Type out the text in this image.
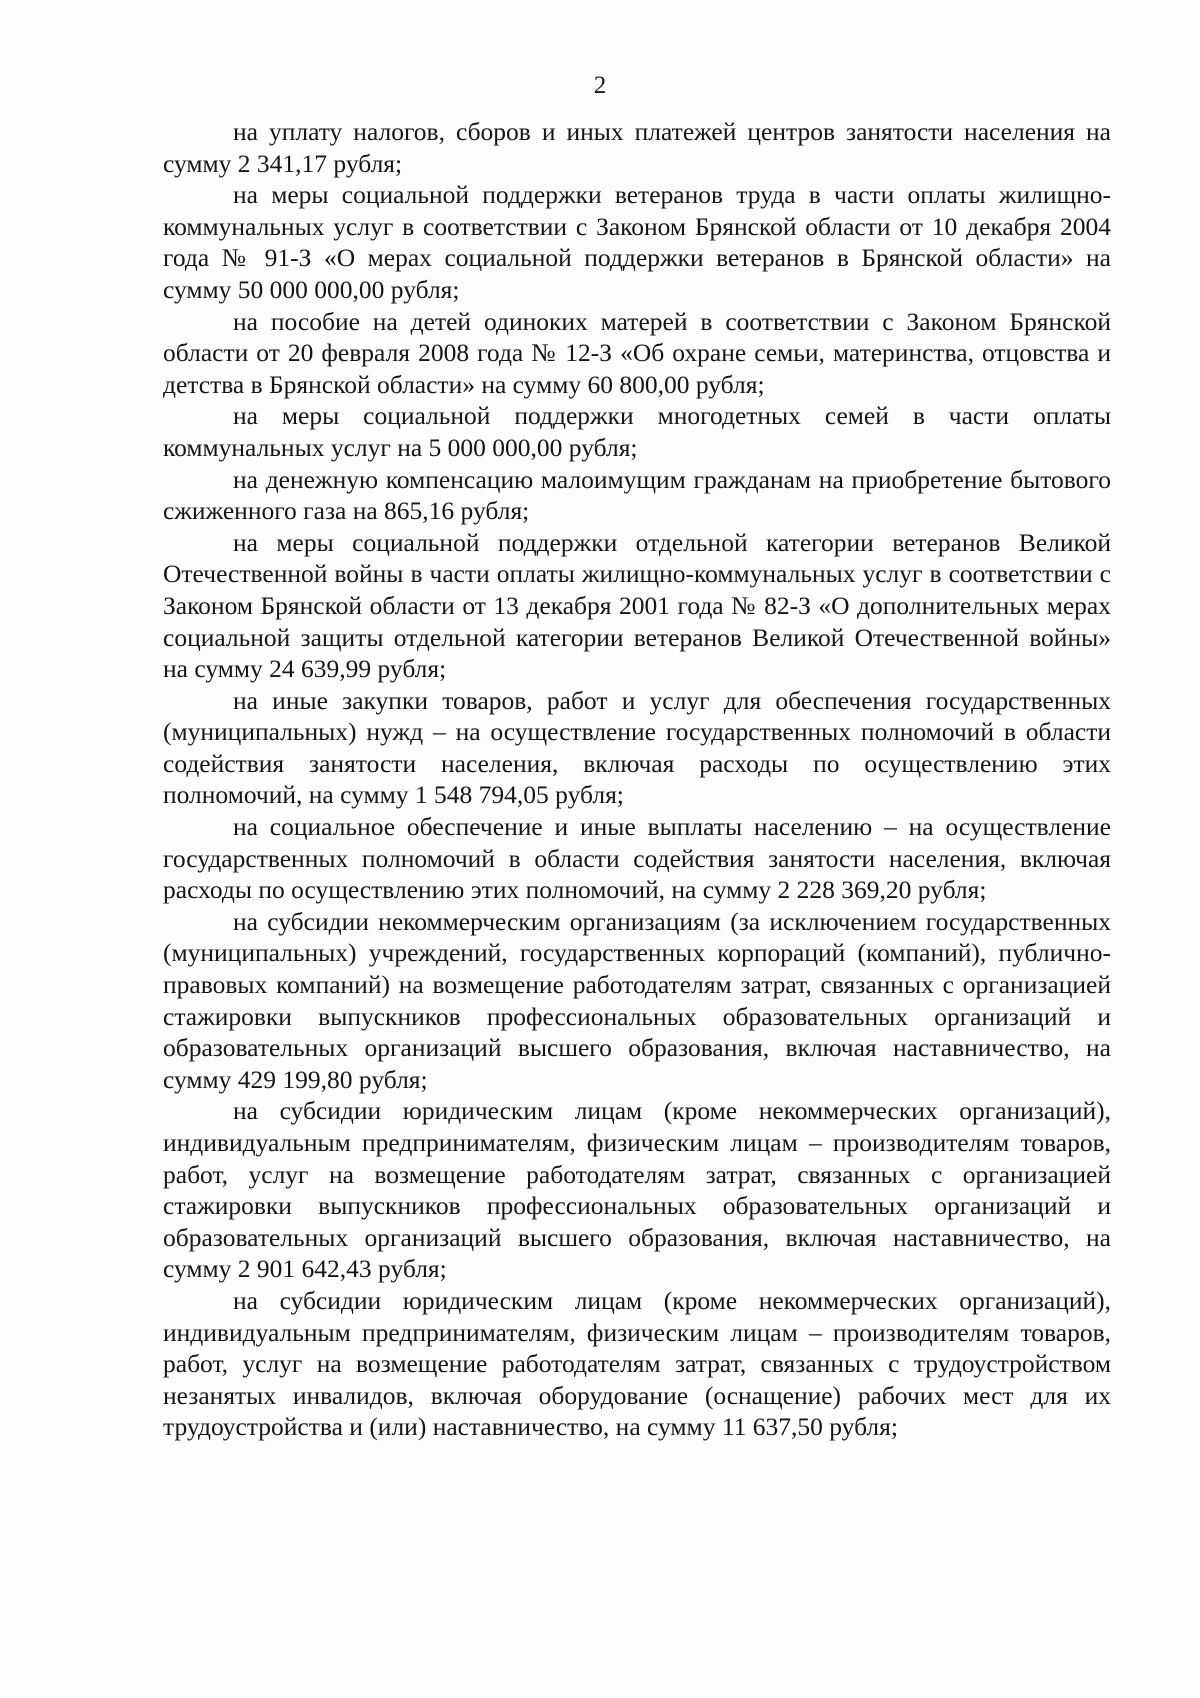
2

на уплату налогов, сборов и иных платежей центров занятости населения на сумму 2 341,17 рубля;

на меры социальной поддержки ветеранов труда в части оплаты жилищно-коммунальных услуг в соответствии с Законом Брянской области от 10 декабря 2004 года № 91-З «О мерах социальной поддержки ветеранов в Брянской области» на сумму 50 000 000,00 рубля;

на пособие на детей одиноких матерей в соответствии с Законом Брянской области от 20 февраля 2008 года № 12-З «Об охране семьи, материнства, отцовства и детства в Брянской области» на сумму 60 800,00 рубля;

на меры социальной поддержки многодетных семей в части оплаты коммунальных услуг на 5 000 000,00 рубля;

на денежную компенсацию малоимущим гражданам на приобретение бытового сжиженного газа на 865,16 рубля;

на меры социальной поддержки отдельной категории ветеранов Великой Отечественной войны в части оплаты жилищно-коммунальных услуг в соответствии с Законом Брянской области от 13 декабря 2001 года № 82-З «О дополнительных мерах социальной защиты отдельной категории ветеранов Великой Отечественной войны» на сумму 24 639,99 рубля;

на иные закупки товаров, работ и услуг для обеспечения государственных (муниципальных) нужд – на осуществление государственных полномочий в области содействия занятости населения, включая расходы по осуществлению этих полномочий, на сумму 1 548 794,05 рубля;

на социальное обеспечение и иные выплаты населению – на осуществление государственных полномочий в области содействия занятости населения, включая расходы по осуществлению этих полномочий, на сумму 2 228 369,20 рубля;

на субсидии некоммерческим организациям (за исключением государственных (муниципальных) учреждений, государственных корпораций (компаний), публично-правовых компаний) на возмещение работодателям затрат, связанных с организацией стажировки выпускников профессиональных образовательных организаций и образовательных организаций высшего образования, включая наставничество, на сумму 429 199,80 рубля;

на субсидии юридическим лицам (кроме некоммерческих организаций), индивидуальным предпринимателям, физическим лицам – производителям товаров, работ, услуг на возмещение работодателям затрат, связанных с организацией стажировки выпускников профессиональных образовательных организаций и образовательных организаций высшего образования, включая наставничество, на сумму 2 901 642,43 рубля;

на субсидии юридическим лицам (кроме некоммерческих организаций), индивидуальным предпринимателям, физическим лицам – производителям товаров, работ, услуг на возмещение работодателям затрат, связанных с трудоустройством незанятых инвалидов, включая оборудование (оснащение) рабочих мест для их трудоустройства и (или) наставничество, на сумму 11 637,50 рубля;
